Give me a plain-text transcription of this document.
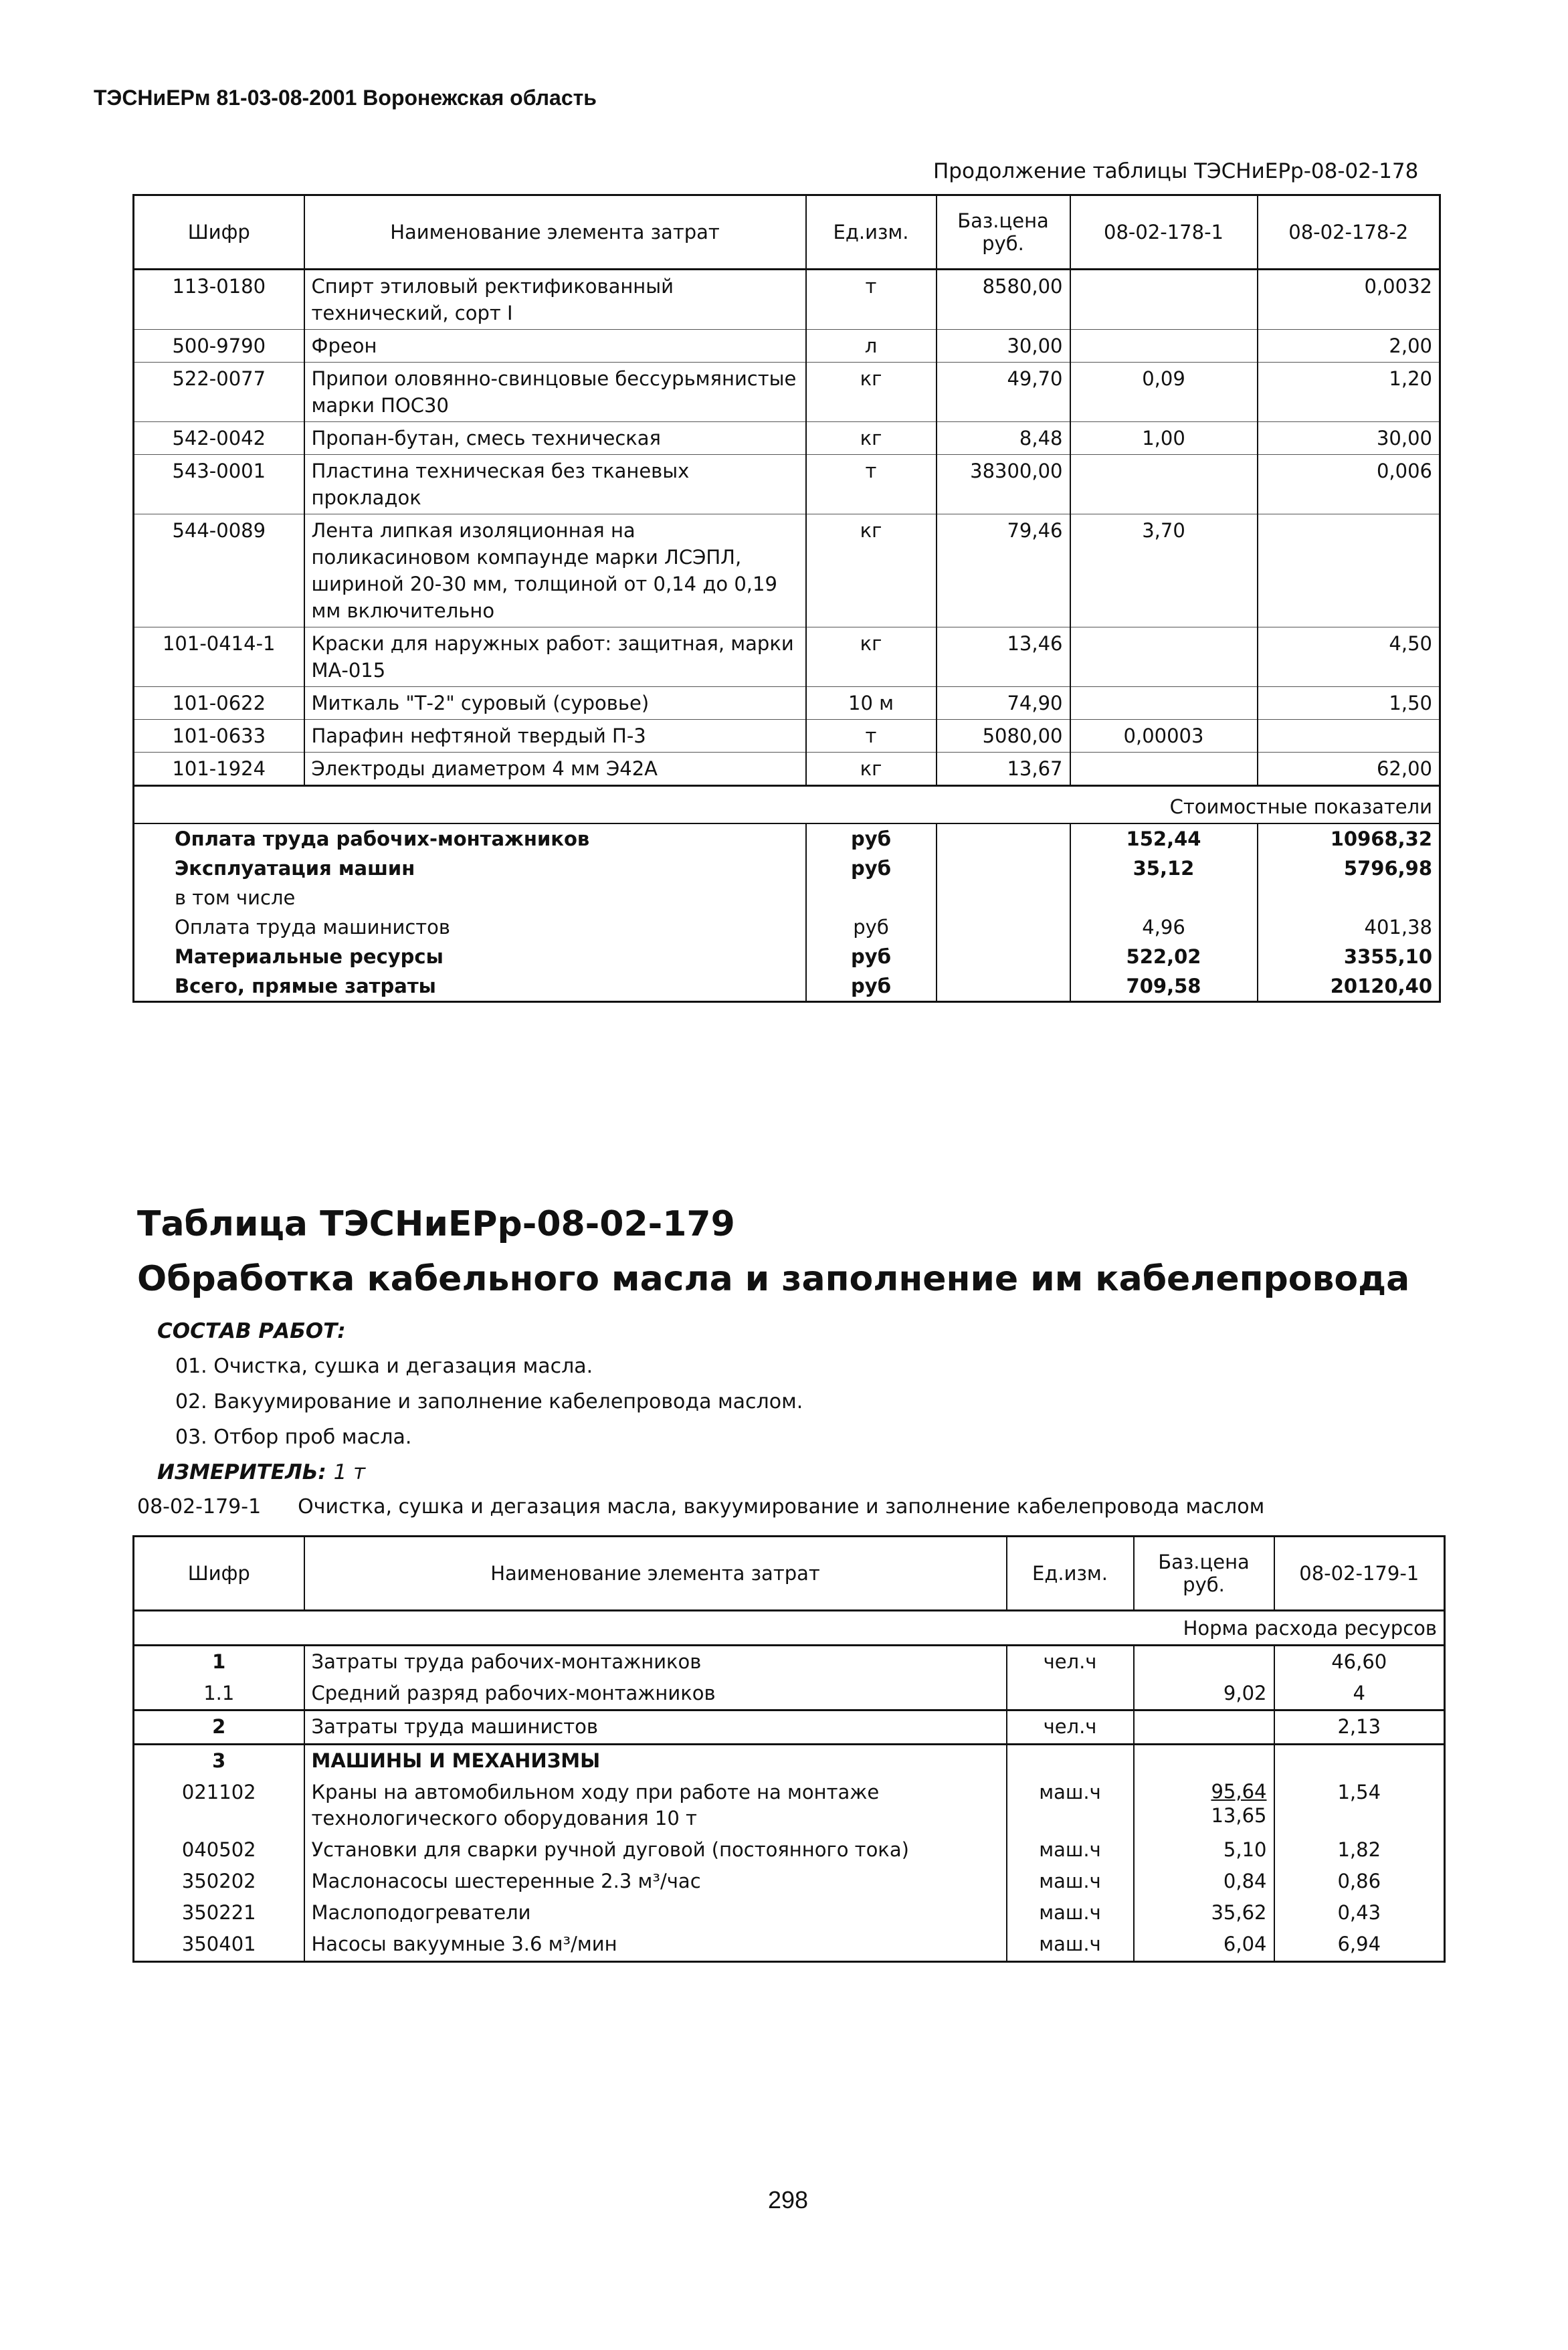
ТЭСНиЕРм 81-03-08-2001 Воронежская область
Продолжение таблицы ТЭСНиЕРр-08-02-178
Шифр	Наименование элемента затрат	Ед.изм.	Баз.цена руб.	08-02-178-1	08-02-178-2
113-0180	Спирт этиловый ректификованный технический, сорт I	т	8580,00		0,0032
500-9790	Фреон	л	30,00		2,00
522-0077	Припои оловянно-свинцовые бессурьмянистые марки ПОС30	кг	49,70	0,09	1,20
542-0042	Пропан-бутан, смесь техническая	кг	8,48	1,00	30,00
543-0001	Пластина техническая без тканевых прокладок	т	38300,00		0,006
544-0089	Лента липкая изоляционная на поликасиновом компаунде марки ЛСЭПЛ, шириной 20-30 мм, толщиной от 0,14 до 0,19 мм включительно	кг	79,46	3,70	
101-0414-1	Краски для наружных работ: защитная, марки МА-015	кг	13,46		4,50
101-0622	Миткаль "Т-2" суровый (суровье)	10 м	74,90		1,50
101-0633	Парафин нефтяной твердый П-3	т	5080,00	0,00003	
101-1924	Электроды диаметром 4 мм Э42А	кг	13,67		62,00
Стоимостные показатели					
Оплата труда рабочих-монтажников		руб		152,44	10968,32
Эксплуатация машин		руб		35,12	5796,98
в том числе					
Оплата труда машинистов		руб		4,96	401,38
Материальные ресурсы		руб		522,02	3355,10
Всего, прямые затраты		руб		709,58	20120,40
Таблица ТЭСНиЕРр-08-02-179
Обработка кабельного масла и заполнение им кабелепровода
СОСТАВ РАБОТ:
01. Очистка, сушка и дегазация масла.
02. Вакуумирование и заполнение кабелепровода маслом.
03. Отбор проб масла.
ИЗМЕРИТЕЛЬ: 1 т
08-02-179-1 Очистка, сушка и дегазация масла, вакуумирование и заполнение кабелепровода маслом
Шифр	Наименование элемента затрат	Ед.изм.	Баз.цена руб.	08-02-179-1
Норма расхода ресурсов				
1	Затраты труда рабочих-монтажников	чел.ч		46,60
1.1	Средний разряд рабочих-монтажников		9,02	4
2	Затраты труда машинистов	чел.ч		2,13
3	МАШИНЫ И МЕХАНИЗМЫ			
021102	Краны на автомобильном ходу при работе на монтаже технологического оборудования 10 т	маш.ч	$\frac{95,64}{13,65}$	1,54
040502	Установки для сварки ручной дуговой (постоянного тока)	маш.ч	5,10	1,82
350202	Маслонасосы шестеренные 2.3 м³/час	маш.ч	0,84	0,86
350221	Маслоподогреватели	маш.ч	35,62	0,43
350401	Насосы вакуумные 3.6 м³/мин	маш.ч	6,04	6,94
298
